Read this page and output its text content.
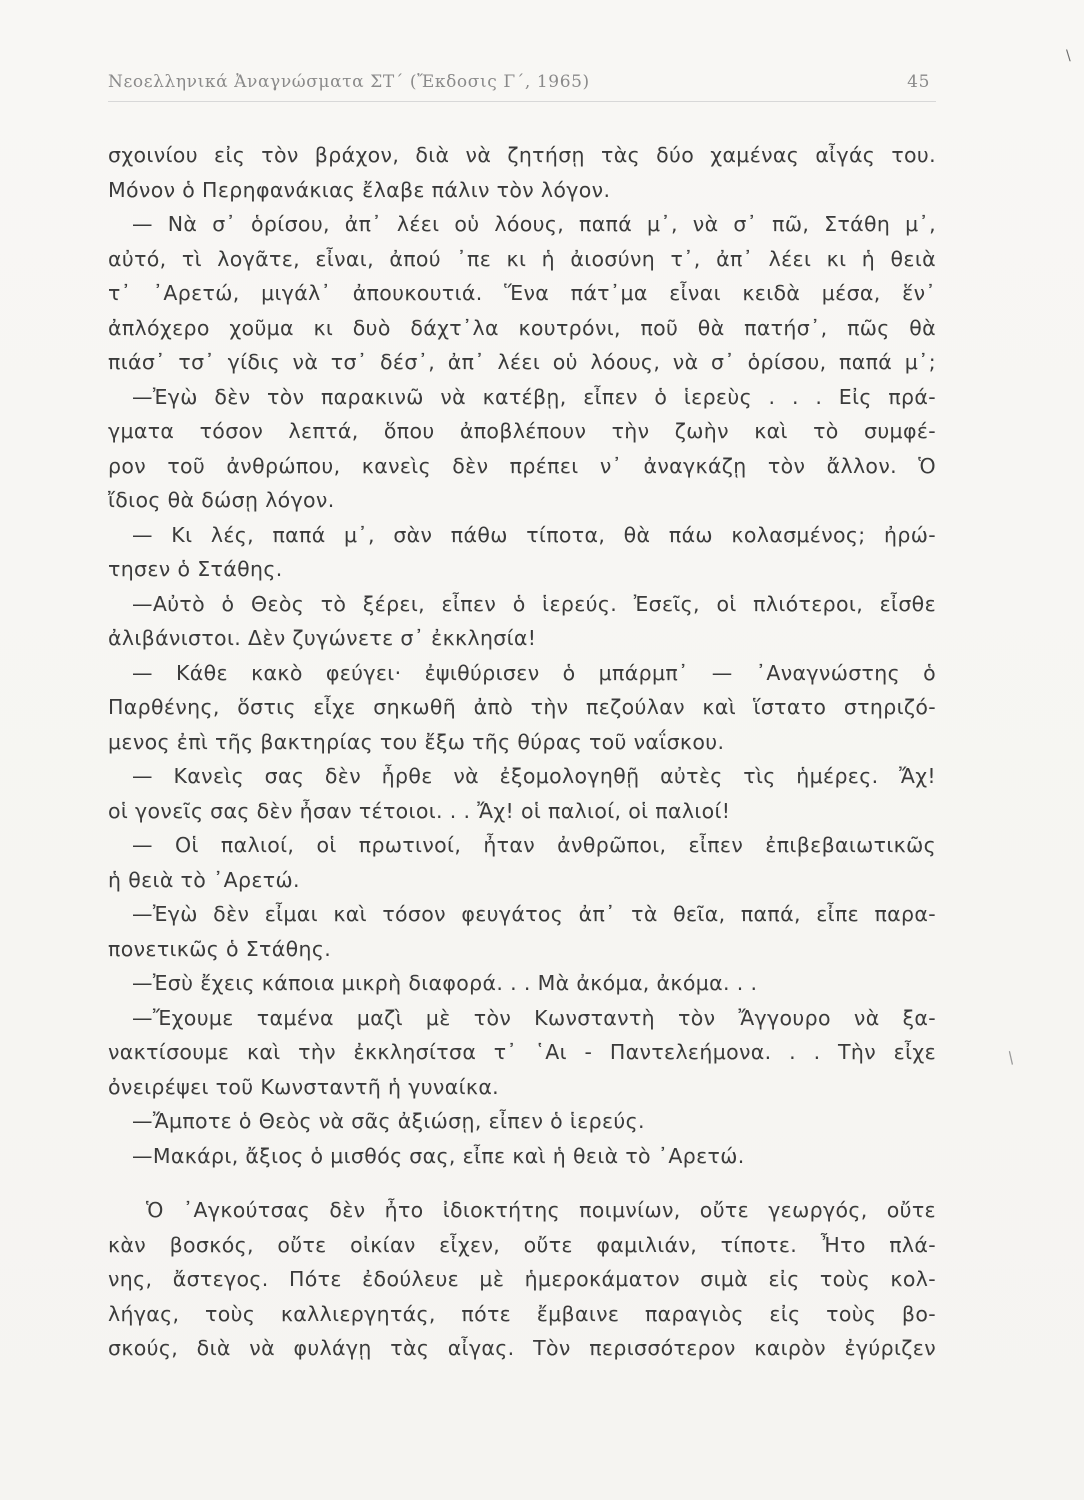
Νεοελληνικά Ἀναγνώσματα ΣΤ΄ (Ἔκδοσις Γ΄, 1965)	45
\
/
σχοινίου εἰς τὸν βράχον, διὰ νὰ ζητήσῃ τὰς δύο χαμένας αἶγάς του.
Μόνον ὁ Περηφανάκιας ἔλαβε πάλιν τὸν λόγον.
— Νὰ σ᾿ ὁρίσου, ἀπ᾿ λέει οὑ λόους, παπά μ᾿, νὰ σ᾿ πῶ, Στάθη μ᾿,
αὐτό, τὶ λογᾶτε, εἶναι, ἀπού ᾿πε κι ἡ ἀιοσύνη τ᾿, ἀπ᾿ λέει κι ἡ θειὰ
τ᾿ ᾿Αρετώ, μιγάλ᾿ ἀπουκουτιά. Ἕνα πάτ᾿μα εἶναι κειδὰ μέσα, ἕν᾿
ἀπλόχερο χοῦμα κι δυὸ δάχτ᾿λα κουτρόνι, ποῦ θὰ πατήσ᾿, πῶς θὰ
πιάσ᾿ τσ᾿ γίδις νὰ τσ᾿ δέσ᾿, ἀπ᾿ λέει οὑ λόους, νὰ σ᾿ ὁρίσου, παπά μ᾿;
—Ἐγὼ δὲν τὸν παρακινῶ νὰ κατέβῃ, εἶπεν ὁ ἱερεὺς . . . Εἰς πρά-
γματα τόσον λεπτά, ὅπου ἀποβλέπουν τὴν ζωὴν καὶ τὸ συμφέ-
ρον τοῦ ἀνθρώπου, κανεὶς δὲν πρέπει ν᾿ ἀναγκάζῃ τὸν ἄλλον. Ὁ
ἴδιος θὰ δώσῃ λόγον.
— Κι λές, παπά μ᾿, σὰν πάθω τίποτα, θὰ πάω κολασμένος; ἠρώ-
τησεν ὁ Στάθης.
—Αὐτὸ ὁ Θεὸς τὸ ξέρει, εἶπεν ὁ ἱερεύς. Ἐσεῖς, οἱ πλιότεροι, εἶσθε
ἀλιβάνιστοι. Δὲν ζυγώνετε σ᾿ ἐκκλησία!
— Κάθε κακὸ φεύγει· ἐψιθύρισεν ὁ μπάρμπ᾿ — ᾿Αναγνώστης ὁ
Παρθένης, ὅστις εἶχε σηκωθῆ ἀπὸ τὴν πεζούλαν καὶ ἵστατο στηριζό-
μενος ἐπὶ τῆς βακτηρίας του ἔξω τῆς θύρας τοῦ ναΐσκου.
— Κανεὶς σας δὲν ἦρθε νὰ ἐξομολογηθῇ αὐτὲς τὶς ἡμέρες. Ἄχ!
οἱ γονεῖς σας δὲν ἦσαν τέτοιοι. . . Ἄχ! οἱ παλιοί, οἱ παλιοί!
— Οἱ παλιοί, οἱ πρωτινοί, ἦταν ἀνθρῶποι, εἶπεν ἐπιβεβαιωτικῶς
ἡ θειὰ τὸ ᾿Αρετώ.
—Ἐγὼ δὲν εἶμαι καὶ τόσον φευγάτος ἀπ᾿ τὰ θεῖα, παπά, εἶπε παρα-
πονετικῶς ὁ Στάθης.
—Ἐσὺ ἔχεις κάποια μικρὴ διαφορά. . . Μὰ ἀκόμα, ἀκόμα. . .
—Ἔχουμε ταμένα μαζὶ μὲ τὸν Κωνσταντὴ τὸν Ἄγγουρο νὰ ξα-
νακτίσουμε καὶ τὴν ἐκκλησίτσα τ᾿ ῾Αι - Παντελεήμονα. . . Τὴν εἶχε
ὀνειρέψει τοῦ Κωνσταντῆ ἡ γυναίκα.
—Ἄμποτε ὁ Θεὸς νὰ σᾶς ἀξιώσῃ, εἶπεν ὁ ἱερεύς.
—Μακάρι, ἄξιος ὁ μισθός σας, εἶπε καὶ ἡ θειὰ τὸ ᾿Αρετώ.
Ὁ ᾿Αγκούτσας δὲν ἦτο ἰδιοκτήτης ποιμνίων, οὔτε γεωργός, οὔτε
κὰν βοσκός, οὔτε οἰκίαν εἶχεν, οὔτε φαμιλιάν, τίποτε. Ἦτο πλά-
νης, ἄστεγος. Πότε ἐδούλευε μὲ ἡμεροκάματον σιμὰ εἰς τοὺς κολ-
λήγας, τοὺς καλλιεργητάς, πότε ἔμβαινε παραγιὸς εἰς τοὺς βο-
σκούς, διὰ νὰ φυλάγῃ τὰς αἶγας. Τὸν περισσότερον καιρὸν ἐγύριζεν
